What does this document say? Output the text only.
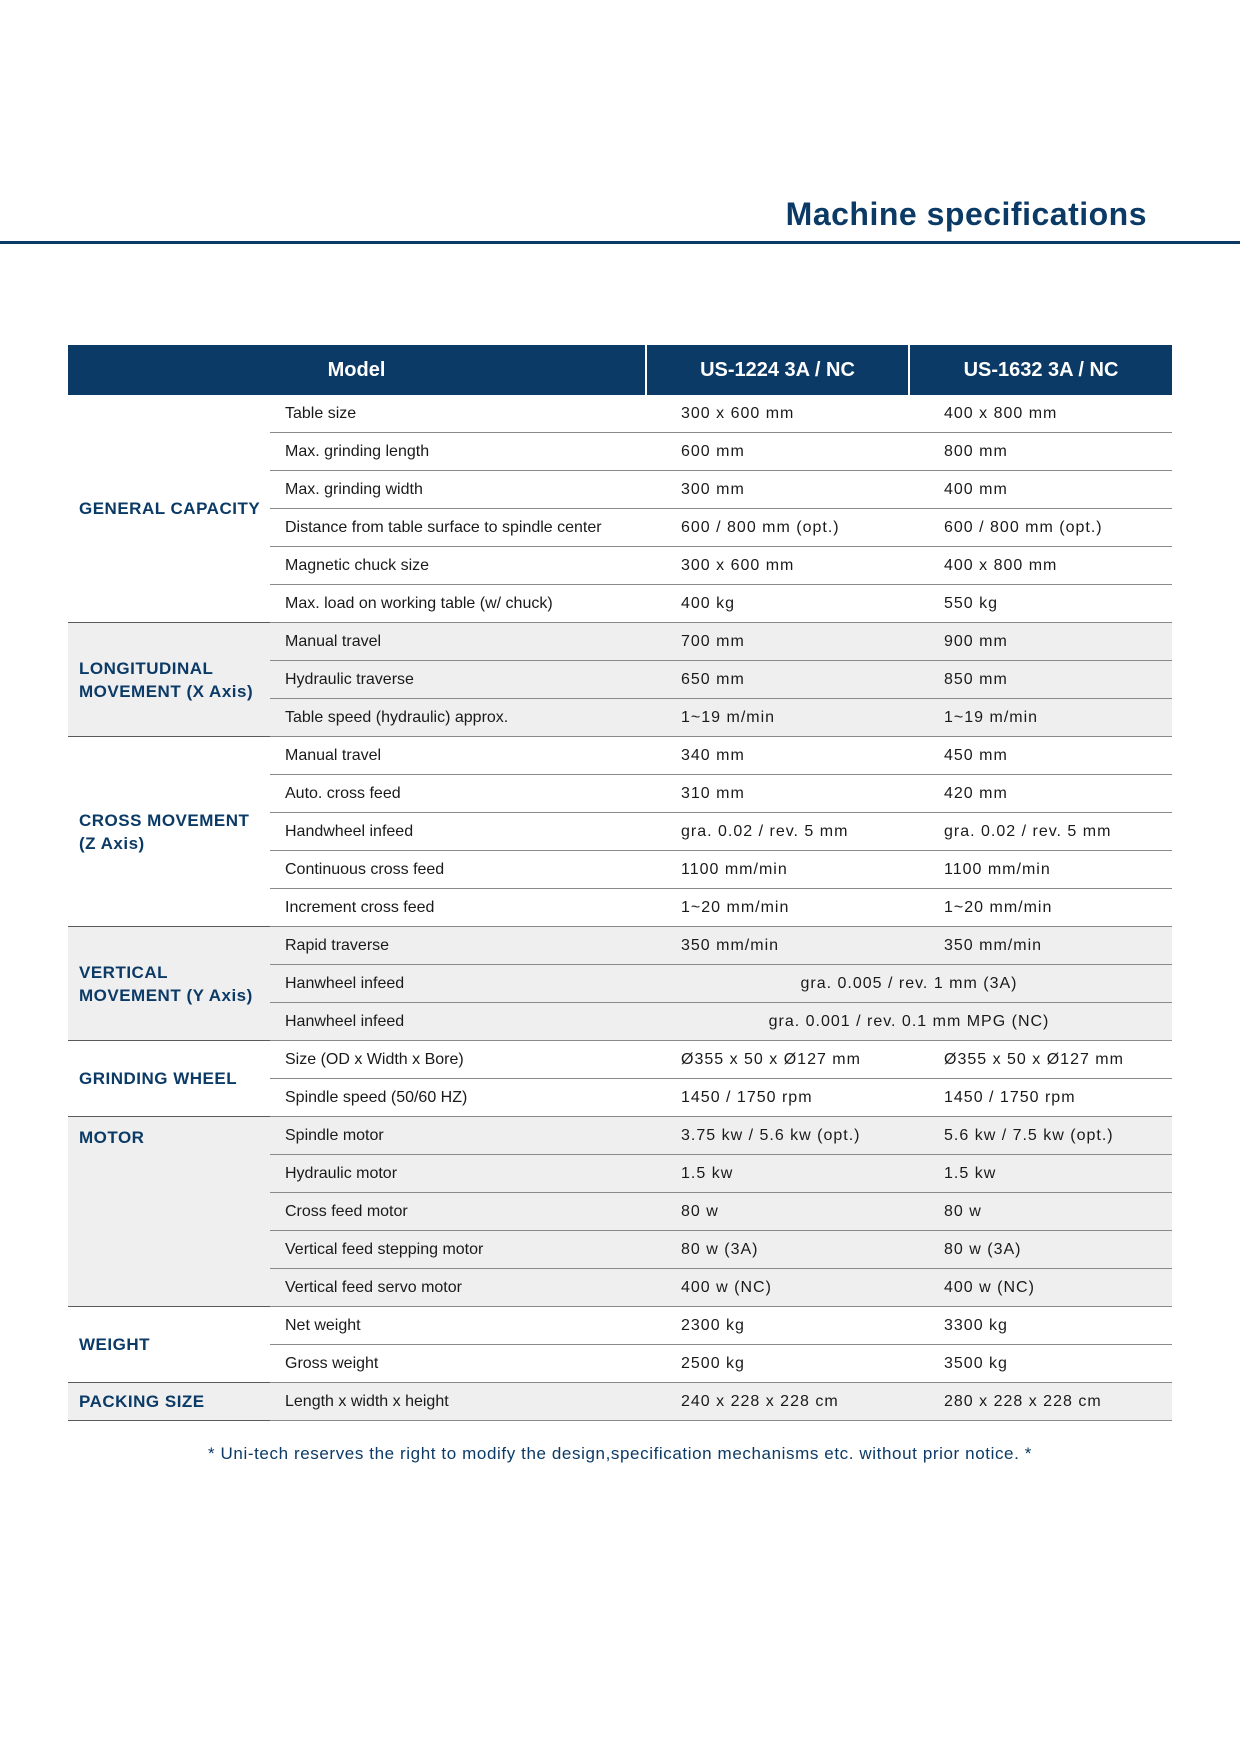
Machine specifications
Model		US-1224 3A / NC	US-1632 3A / NC
GENERAL CAPACITY	Table size	300 x 600 mm	400 x 800 mm
	Max. grinding length	600 mm	800 mm
	Max. grinding width	300 mm	400 mm
	Distance from table surface to spindle center	600 / 800 mm (opt.)	600 / 800 mm (opt.)
	Magnetic chuck size	300 x 600 mm	400 x 800 mm
	Max. load on working table (w/ chuck)	400 kg	550 kg
LONGITUDINAL MOVEMENT (X Axis)	Manual travel	700 mm	900 mm
	Hydraulic traverse	650 mm	850 mm
	Table speed (hydraulic) approx.	1~19 m/min	1~19 m/min
CROSS MOVEMENT (Z Axis)	Manual travel	340 mm	450 mm
	Auto. cross feed	310 mm	420 mm
	Handwheel infeed	gra. 0.02 / rev. 5 mm	gra. 0.02 / rev. 5 mm
	Continuous cross feed	1100 mm/min	1100 mm/min
	Increment cross feed	1~20 mm/min	1~20 mm/min
VERTICAL MOVEMENT (Y Axis)	Rapid traverse	350 mm/min	350 mm/min
	Hanwheel infeed	gra. 0.005 / rev. 1 mm (3A)	
	Hanwheel infeed	gra. 0.001 / rev. 0.1 mm MPG (NC)	
GRINDING WHEEL	Size (OD x Width x Bore)	Ø355 x 50 x Ø127 mm	Ø355 x 50 x Ø127 mm
	Spindle speed (50/60 HZ)	1450 / 1750 rpm	1450 / 1750 rpm
MOTOR	Spindle motor	3.75 kw / 5.6 kw (opt.)	5.6 kw / 7.5 kw (opt.)
	Hydraulic motor	1.5 kw	1.5 kw
	Cross feed motor	80 w	80 w
	Vertical feed stepping motor	80 w (3A)	80 w (3A)
	Vertical feed servo motor	400 w (NC)	400 w (NC)
WEIGHT	Net weight	2300 kg	3300 kg
	Gross weight	2500 kg	3500 kg
PACKING SIZE	Length x width x height	240 x 228 x 228 cm	280 x 228 x 228 cm
* Uni-tech reserves the right to modify the design,specification mechanisms etc. without prior notice. *
